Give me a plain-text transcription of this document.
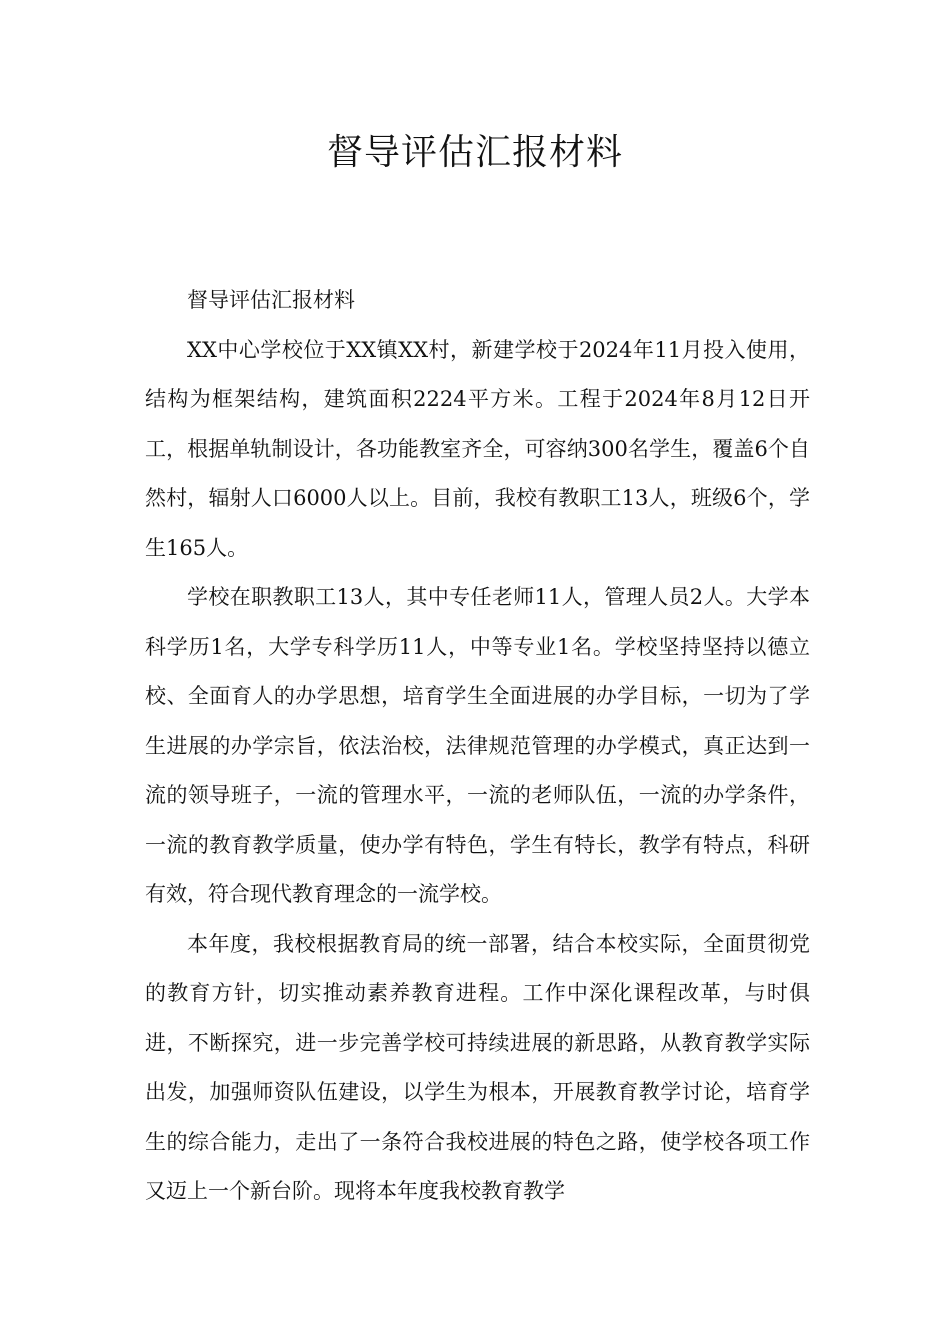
督导评估汇报材料

督导评估汇报材料

XX中心学校位于XX镇XX村，新建学校于2024年11月投入使用，结构为框架结构，建筑面积2224平方米。工程于2024年8月12日开工，根据单轨制设计，各功能教室齐全，可容纳300名学生，覆盖6个自然村，辐射人口6000人以上。目前，我校有教职工13人，班级6个，学生165人。

学校在职教职工13人，其中专任老师11人，管理人员2人。大学本科学历1名，大学专科学历11人，中等专业1名。学校坚持坚持以德立校、全面育人的办学思想，培育学生全面进展的办学目标，一切为了学生进展的办学宗旨，依法治校，法律规范管理的办学模式，真正达到一流的领导班子，一流的管理水平，一流的老师队伍，一流的办学条件，一流的教育教学质量，使办学有特色，学生有特长，教学有特点，科研有效，符合现代教育理念的一流学校。

本年度，我校根据教育局的统一部署，结合本校实际，全面贯彻党的教育方针，切实推动素养教育进程。工作中深化课程改革，与时俱进，不断探究，进一步完善学校可持续进展的新思路，从教育教学实际出发，加强师资队伍建设，以学生为根本，开展教育教学讨论，培育学生的综合能力，走出了一条符合我校进展的特色之路，使学校各项工作又迈上一个新台阶。现将本年度我校教育教学
